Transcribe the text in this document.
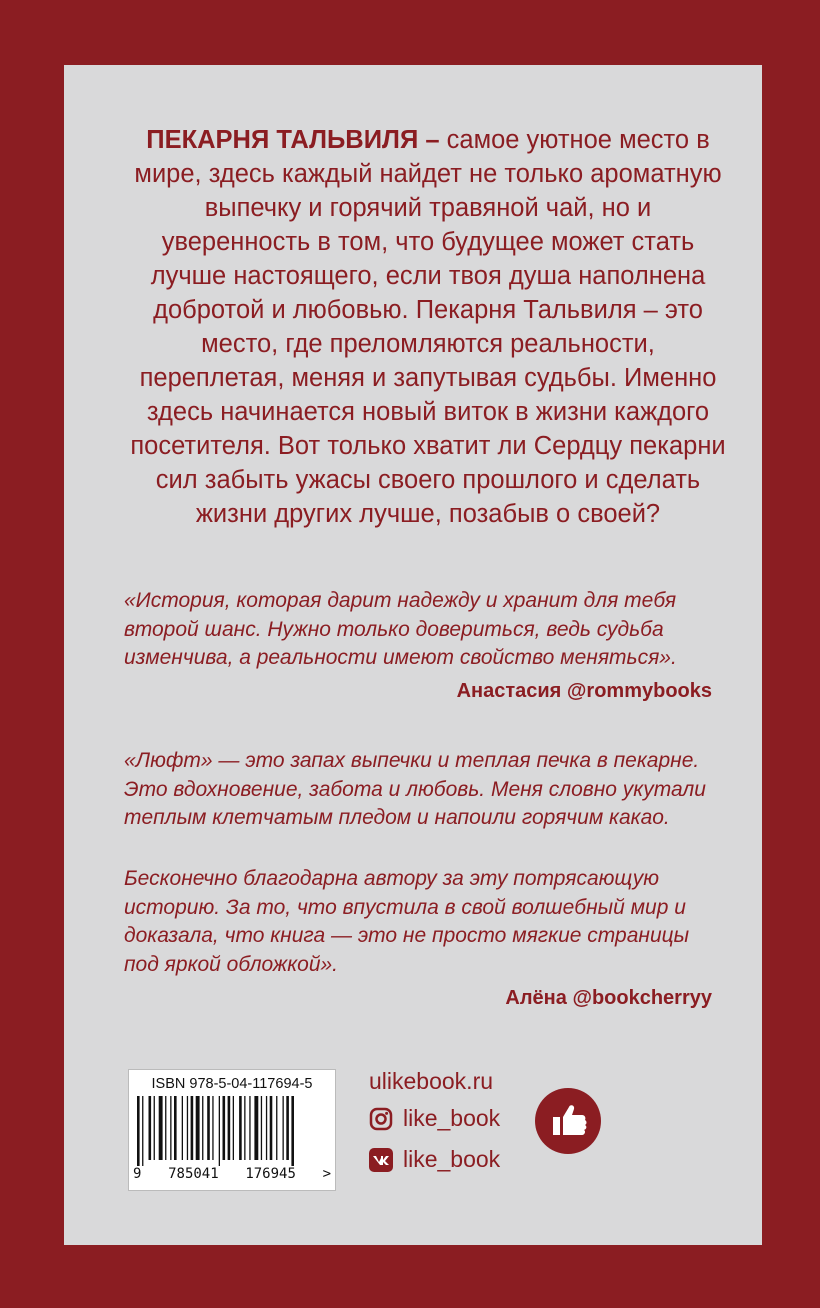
ПЕКАРНЯ ТАЛЬВИЛЯ – самое уютное место в мире, здесь каждый найдет не только ароматную выпечку и горячий травяной чай, но и уверенность в том, что будущее может стать лучше настоящего, если твоя душа наполнена добротой и любовью. Пекарня Тальвиля – это место, где преломляются реальности, переплетая, меняя и запутывая судьбы. Именно здесь начинается новый виток в жизни каждого посетителя. Вот только хватит ли Сердцу пекарни сил забыть ужасы своего прошлого и сделать жизни других лучше, позабыв о своей?

«История, которая дарит надежду и хранит для тебя второй шанс. Нужно только довериться, ведь судьба изменчива, а реальности имеют свойство меняться».

Анастасия @rommybooks

«Люфт» — это запах выпечки и теплая печка в пекарне. Это вдохновение, забота и любовь. Меня словно укутали теплым клетчатым пледом и напоили горячим какао.

Бесконечно благодарна автору за эту потрясающую историю. За то, что впустила в свой волшебный мир и доказала, что книга — это не просто мягкие страницы под яркой обложкой».

Алёна @bookcherryy

ISBN 978-5-04-117694-5
9 785041 176945 >
ulikebook.ru
like_book
like_book
